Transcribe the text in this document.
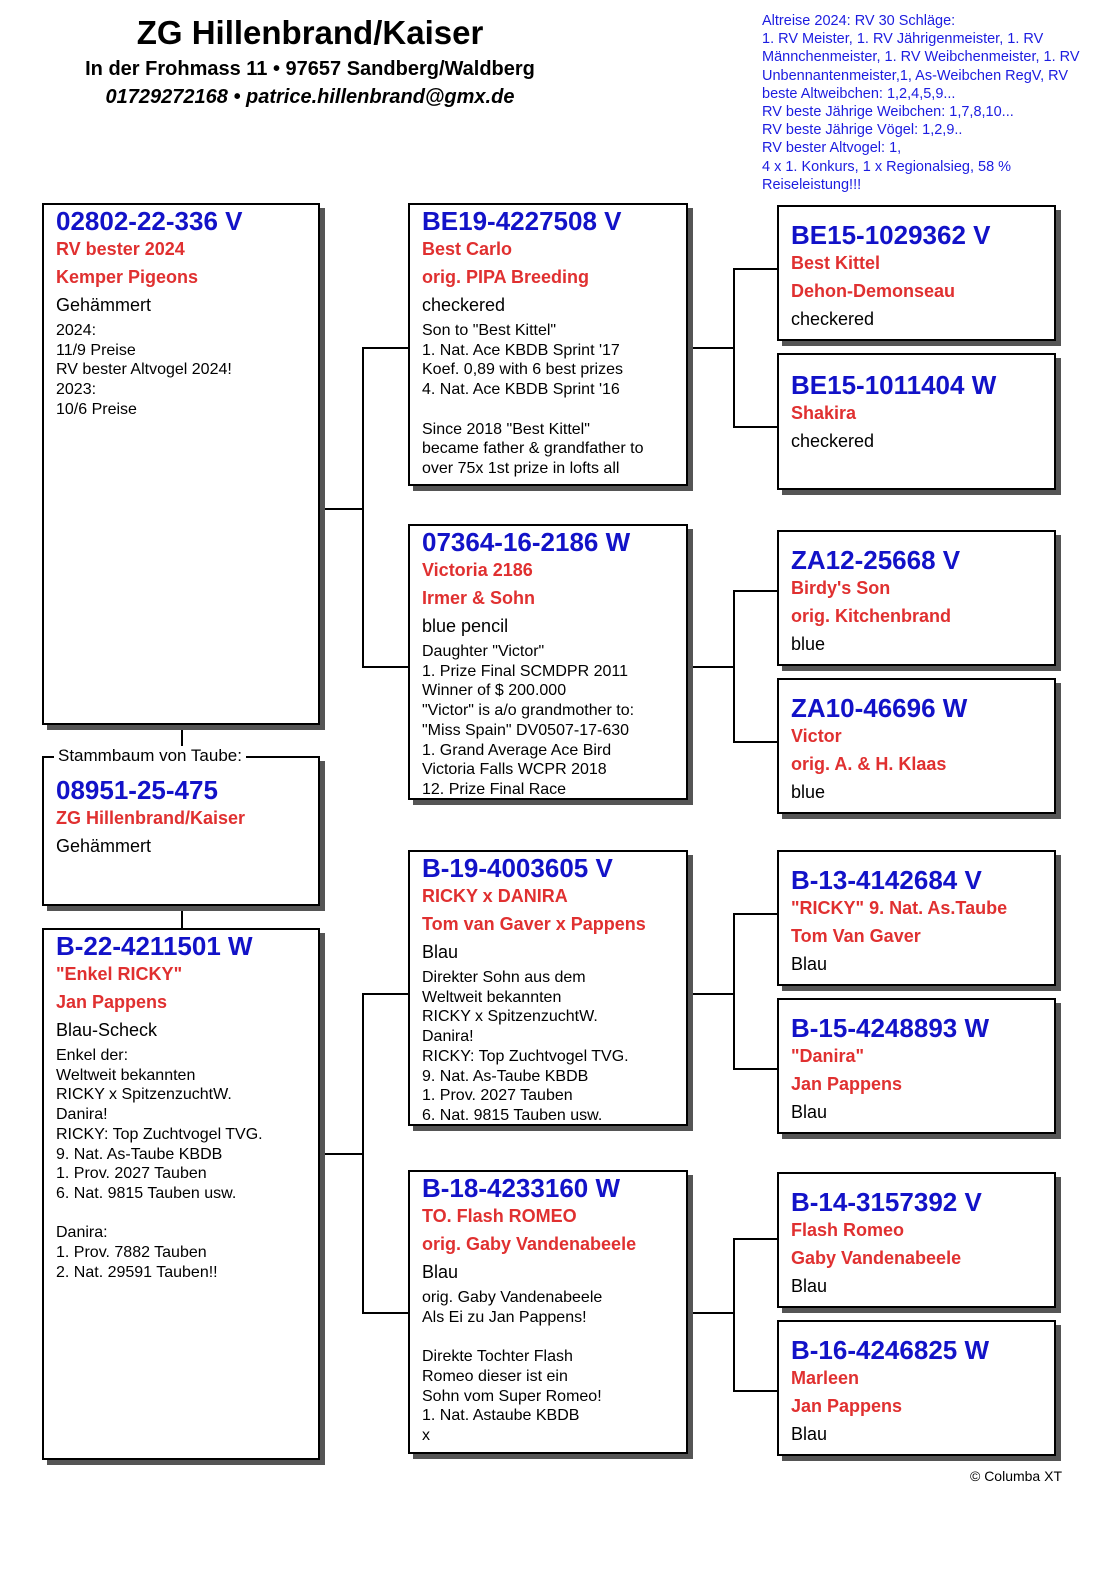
ZG Hillenbrand/Kaiser
In der Frohmass 11 • 97657 Sandberg/Waldberg
01729272168 • patrice.hillenbrand@gmx.de
Altreise 2024: RV 30 Schläge:
1. RV Meister, 1. RV Jährigenmeister, 1. RV Männchenmeister, 1. RV Weibchenmeister, 1. RV Unbennantenmeister,1, As-Weibchen RegV, RV beste Altweibchen: 1,2,4,5,9...
RV beste Jährige Weibchen: 1,7,8,10...
RV beste Jährige Vögel: 1,2,9..
RV bester Altvogel: 1,
4 x 1. Konkurs, 1 x Regionalsieg, 58 % Reiseleistung!!!
02802-22-336 V
RV bester 2024
Kemper Pigeons
Gehämmert
2024:
11/9 Preise
RV bester Altvogel 2024!
2023:
10/6 Preise
08951-25-475
ZG Hillenbrand/Kaiser
Gehämmert
Stammbaum von Taube:
B-22-4211501 W
"Enkel RICKY"
Jan Pappens
Blau-Scheck
Enkel der:
Weltweit bekannten
RICKY x SpitzenzuchtW.
Danira!
RICKY: Top Zuchtvogel TVG.
9. Nat. As-Taube KBDB
1. Prov. 2027 Tauben
6. Nat. 9815 Tauben usw.

Danira:
1. Prov. 7882 Tauben
2. Nat. 29591 Tauben!!
BE19-4227508 V
Best Carlo
orig. PIPA Breeding
checkered
Son to "Best Kittel"
1. Nat. Ace KBDB Sprint '17
Koef. 0,89 with 6 best prizes
4. Nat. Ace KBDB Sprint '16

Since 2018 "Best Kittel"
became father & grandfather to
over 75x 1st prize in lofts all
07364-16-2186 W
Victoria 2186
Irmer & Sohn
blue pencil
Daughter "Victor"
1. Prize Final SCMDPR 2011
Winner of $ 200.000
"Victor" is a/o grandmother to:
"Miss Spain" DV0507-17-630
1. Grand Average Ace Bird
Victoria Falls WCPR 2018
12. Prize Final Race
B-19-4003605 V
RICKY x DANIRA
Tom van Gaver x Pappens
Blau
Direkter Sohn aus dem
Weltweit bekannten
RICKY x SpitzenzuchtW.
Danira!
RICKY: Top Zuchtvogel TVG.
9. Nat. As-Taube KBDB
1. Prov. 2027 Tauben
6. Nat. 9815 Tauben usw.
B-18-4233160 W
TO. Flash ROMEO
orig. Gaby Vandenabeele
Blau
orig. Gaby Vandenabeele
Als Ei zu Jan Pappens!

Direkte Tochter Flash
Romeo dieser ist ein
Sohn vom Super Romeo!
1. Nat. Astaube KBDB
x
BE15-1029362 V
Best Kittel
Dehon-Demonseau
checkered
BE15-1011404 W
Shakira
checkered
ZA12-25668 V
Birdy's Son
orig. Kitchenbrand
blue
ZA10-46696 W
Victor
orig. A. & H. Klaas
blue
B-13-4142684 V
"RICKY" 9. Nat. As.Taube
Tom Van Gaver
Blau
B-15-4248893 W
"Danira"
Jan Pappens
Blau
B-14-3157392 V
Flash Romeo
Gaby Vandenabeele
Blau
B-16-4246825 W
Marleen
Jan Pappens
Blau
© Columba XT
